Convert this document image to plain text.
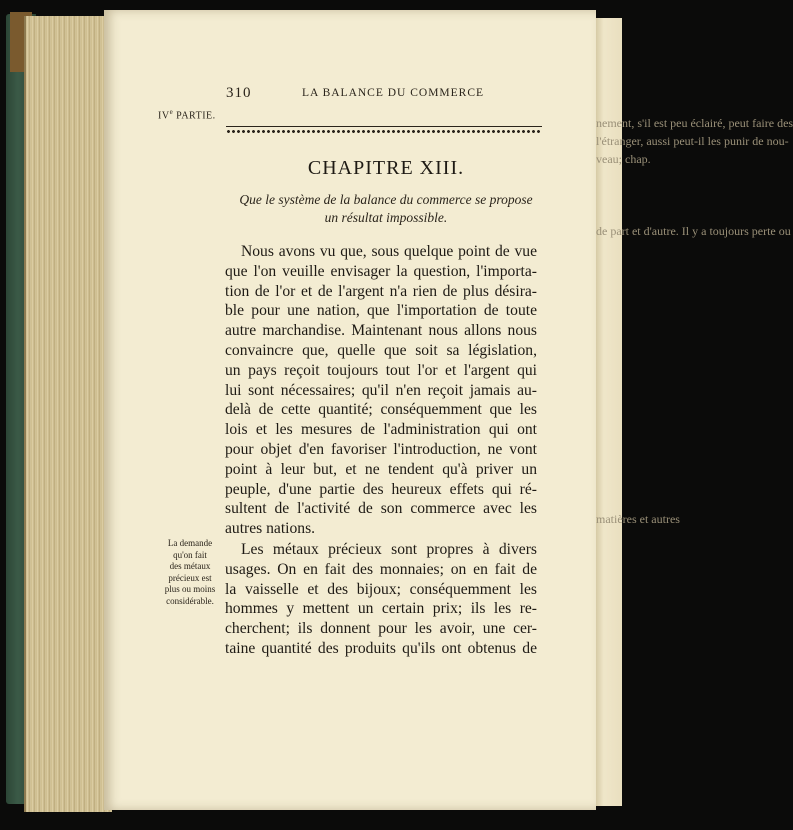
nement, s'il est peu éclairé, peut faire des
l'étranger, aussi peut-il les punir de nou-
veau; chap.
de part et d'autre. Il y a toujours perte ou
matières et autres
310	LA BALANCE DU COMMERCE
IVe PARTIE.
CHAPITRE XIII.
Que le système de la balance du commerce se propose
un résultat impossible.
Nous avons vu que, sous quelque point de vue
que l'on veuille envisager la question, l'importa-
tion de l'or et de l'argent n'a rien de plus désira-
ble pour une nation, que l'importation de toute
autre marchandise. Maintenant nous allons nous
convaincre que, quelle que soit sa législation,
un pays reçoit toujours tout l'or et l'argent qui
lui sont nécessaires; qu'il n'en reçoit jamais au-
delà de cette quantité; conséquemment que les
lois et les mesures de l'administration qui ont
pour objet d'en favoriser l'introduction, ne vont
point à leur but, et ne tendent qu'à priver un
peuple, d'une partie des heureux effets qui ré-
sultent de l'activité de son commerce avec les
autres nations.
Les métaux précieux sont propres à divers
usages. On en fait des monnaies; on en fait de
la vaisselle et des bijoux; conséquemment les
hommes y mettent un certain prix; ils les re-
cherchent; ils donnent pour les avoir, une cer-
taine quantité des produits qu'ils ont obtenus de
La demande
qu'on fait
des métaux
précieux est
plus ou moins
considérable.
